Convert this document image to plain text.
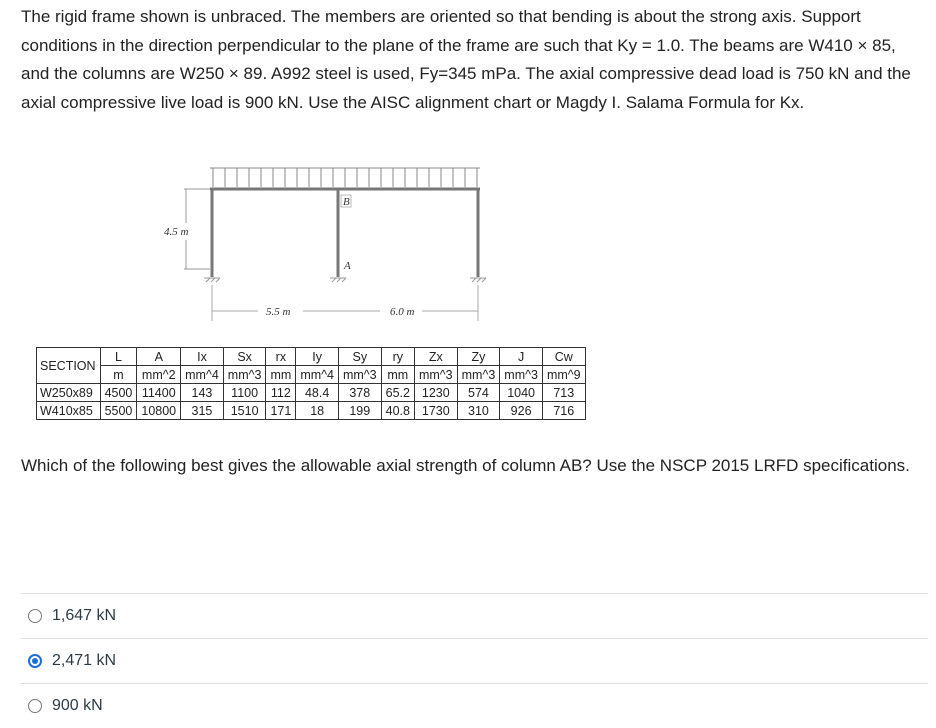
The rigid frame shown is unbraced. The members are oriented so that bending is about the strong axis. Support conditions in the direction perpendicular to the plane of the frame are such that Ky = 1.0. The beams are W410 × 85, and the columns are W250 × 89. A992 steel is used, Fy=345 mPa. The axial compressive dead load is 750 kN and the axial compressive live load is 900 kN. Use the AISC alignment chart or Magdy I. Salama Formula for Kx.

4.5 m
5.5 m	6.0 m
B
A
SECTION	L	A	Ix	Sx	rx	Iy	Sy	ry	Zx	Zy	J	Cw
	m	mm^2	mm^4	mm^3	mm	mm^4	mm^3	mm	mm^3	mm^3	mm^3	mm^9
W250x89	4500	11400	143	1100	112	48.4	378	65.2	1230	574	1040	713
W410x85	5500	10800	315	1510	171	18	199	40.8	1730	310	926	716

Which of the following best gives the allowable axial strength of column AB? Use the NSCP 2015 LRFD specifications.

1,647 kN
2,471 kN
900 kN
